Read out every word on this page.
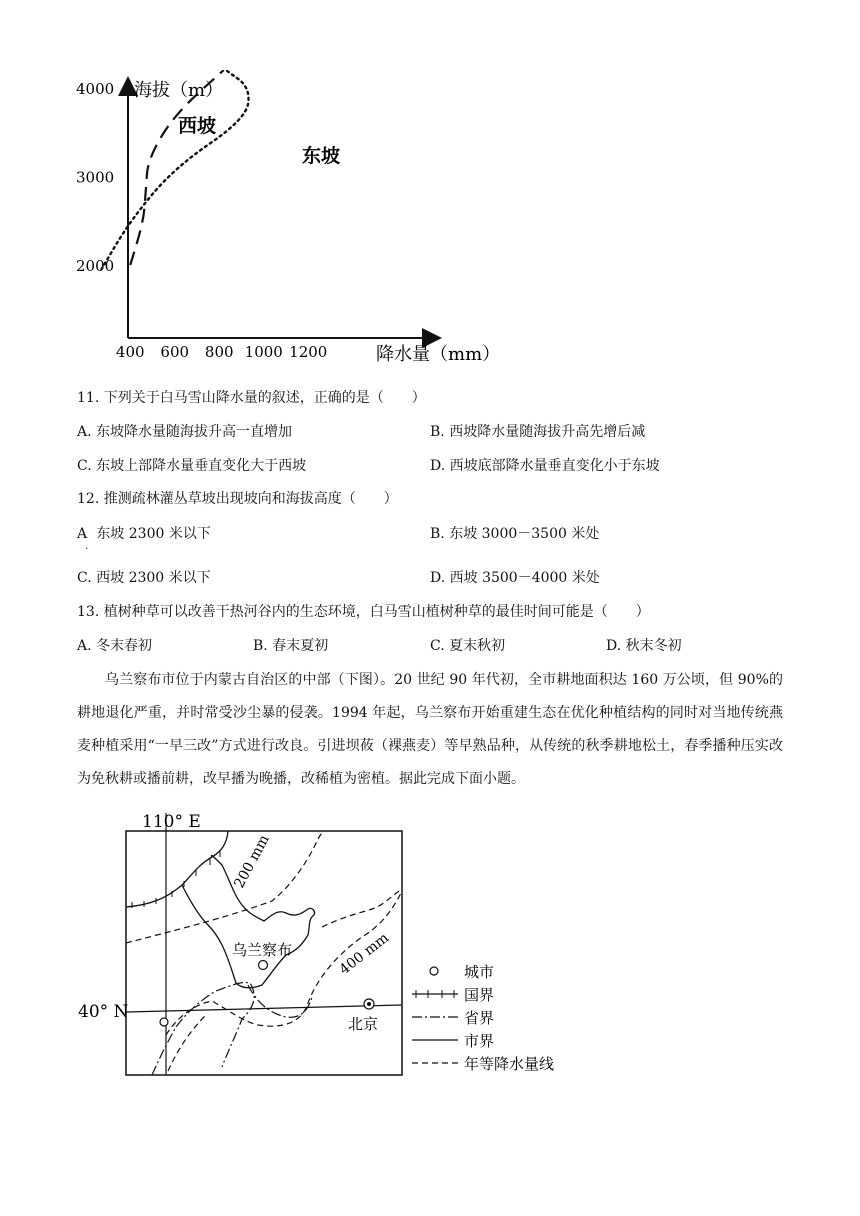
海拔（m）
降水量（mm）
4000
3000
2000
400 600 800 1000 1200
西坡
东坡
11. 下列关于白马雪山降水量的叙述，正确的是（　　）
A. 东坡降水量随海拔升高一直增加	B. 西坡降水量随海拔升高先增后减
C. 东坡上部降水量垂直变化大于西坡	D. 西坡底部降水量垂直变化小于东坡
12. 推测疏林灌丛草坡出现坡向和海拔高度（　　）
$A_\cdot$东坡 2300 米以下	B. 东坡 3000－3500 米处
C. 西坡 2300 米以下	D. 西坡 3500－4000 米处
13. 植树种草可以改善干热河谷内的生态环境，白马雪山植树种草的最佳时间可能是（　　）
A. 冬末春初	B. 春末夏初	C. 夏末秋初	D. 秋末冬初
乌兰察布市位于内蒙古自治区的中部（下图）。20 世纪 90 年代初，全市耕地面积达 160 万公顷，但 90%的耕地退化严重，并时常受沙尘暴的侵袭。1994 年起，乌兰察布开始重建生态在优化种植结构的同时对当地传统燕麦种植采用“一早三改”方式进行改良。引进坝莜（裸燕麦）等早熟品种，从传统的秋季耕地松土，春季播种压实改为免秋耕或播前耕，改早播为晚播，改稀植为密植。据此完成下面小题。
110° E
40° N
200 mm
400 mm
乌兰察布
北京
城市
国界
省界
市界
年等降水量线
